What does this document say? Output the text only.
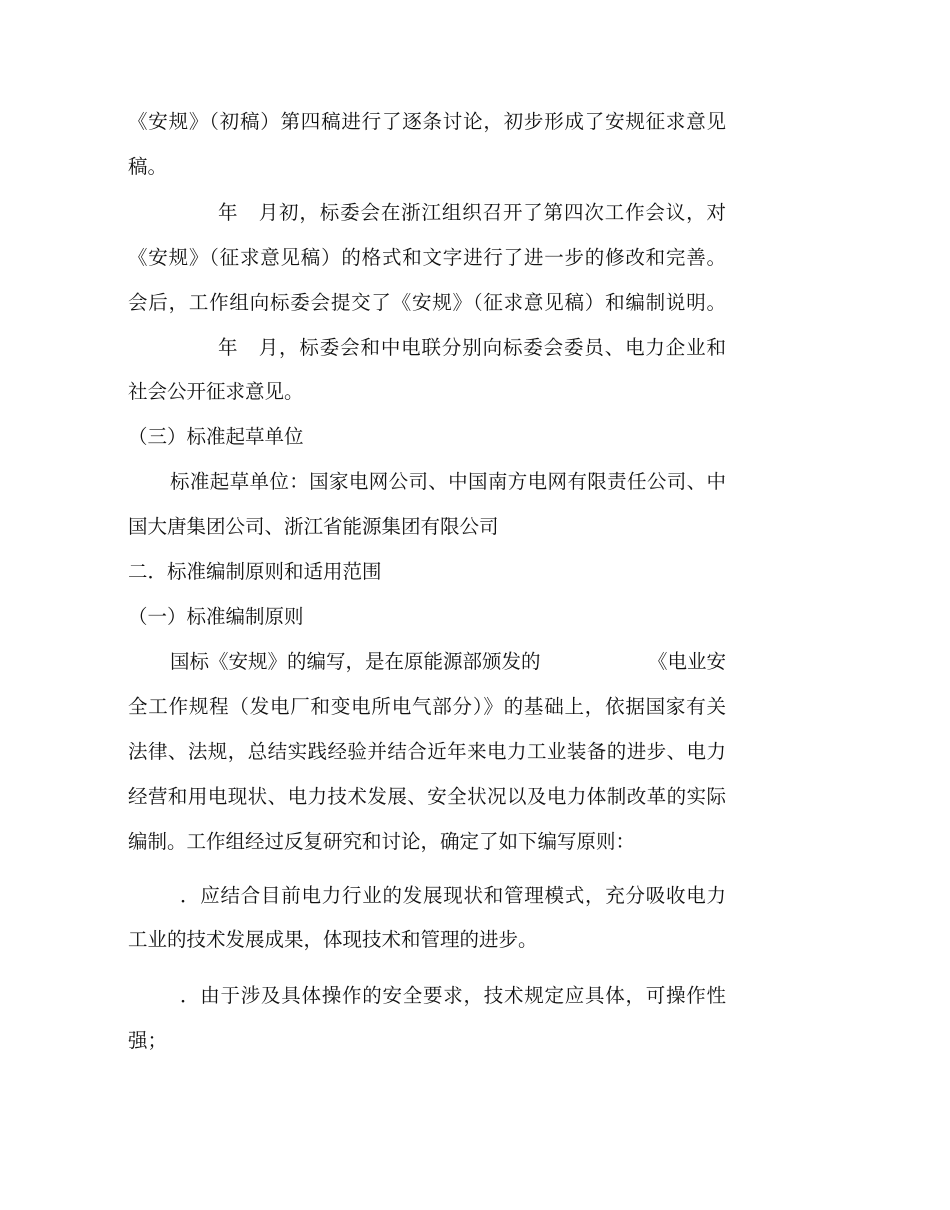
《安规》（初稿）第四稿进行了逐条讨论，初步形成了安规征求意见
稿。
年　月初，标委会在浙江组织召开了第四次工作会议，对
《安规》（征求意见稿）的格式和文字进行了进一步的修改和完善。
会后，工作组向标委会提交了《安规》（征求意见稿）和编制说明。
年　月，标委会和中电联分别向标委会委员、电力企业和
社会公开征求意见。
（三）标准起草单位
标准起草单位：国家电网公司、中国南方电网有限责任公司、中
国大唐集团公司、浙江省能源集团有限公司
二．标准编制原则和适用范围
（一）标准编制原则
国标《安规》的编写，是在原能源部颁发的	《电业安
全工作规程（发电厂和变电所电气部分）》的基础上，依据国家有关
法律、法规，总结实践经验并结合近年来电力工业装备的进步、电力
经营和用电现状、电力技术发展、安全状况以及电力体制改革的实际
编制。工作组经过反复研究和讨论，确定了如下编写原则：
．应结合目前电力行业的发展现状和管理模式，充分吸收电力
工业的技术发展成果，体现技术和管理的进步。
．由于涉及具体操作的安全要求，技术规定应具体，可操作性
强；
